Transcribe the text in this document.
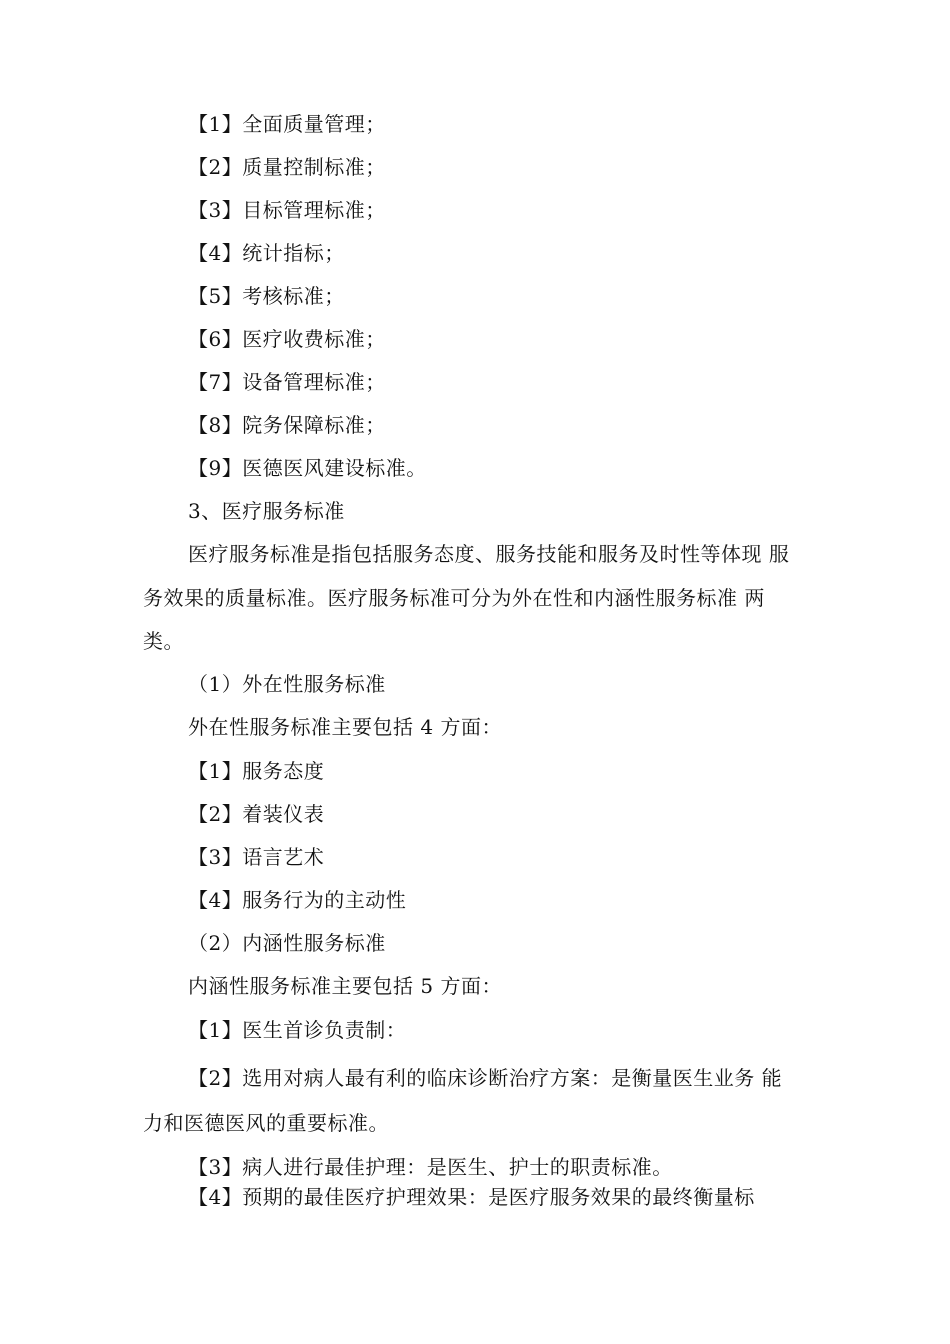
【1】全面质量管理；
【2】质量控制标准；
【3】目标管理标准；
【4】统计指标；
【5】考核标准；
【6】医疗收费标准；
【7】设备管理标准；
【8】院务保障标准；
【9】医德医风建设标准。
3、医疗服务标准
医疗服务标准是指包括服务态度、服务技能和服务及时性等体现 服
务效果的质量标准。医疗服务标准可分为外在性和内涵性服务标准 两
类。
（1）外在性服务标准
外在性服务标准主要包括 4 方面：
【1】服务态度
【2】着装仪表
【3】语言艺术
【4】服务行为的主动性
（2）内涵性服务标准
内涵性服务标准主要包括 5 方面：
【1】医生首诊负责制：
【2】选用对病人最有利的临床诊断治疗方案：是衡量医生业务 能
力和医德医风的重要标准。
【3】病人进行最佳护理：是医生、护士的职责标准。
【4】预期的最佳医疗护理效果：是医疗服务效果的最终衡量标
